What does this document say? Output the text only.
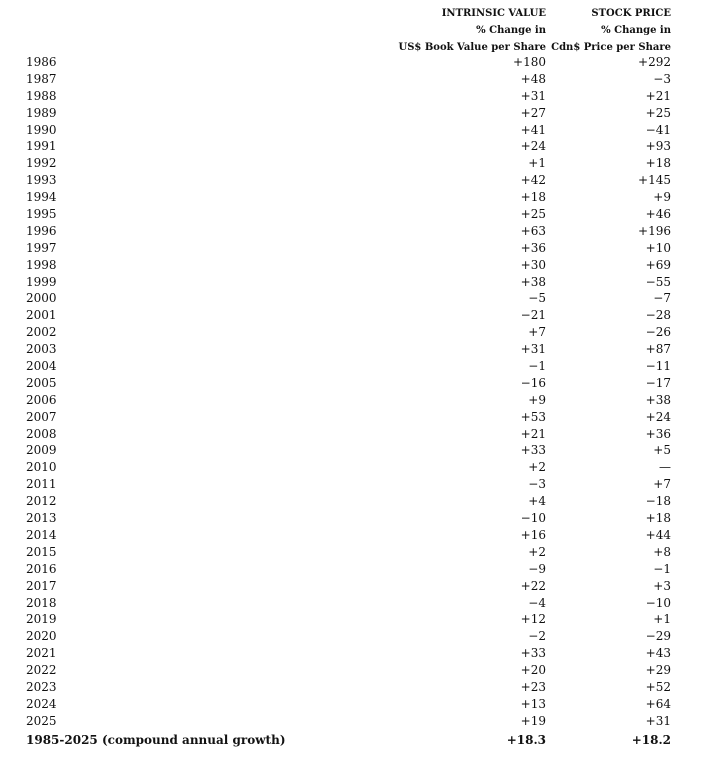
INTRINSIC VALUE
% Change in
US$ Book Value per Share
STOCK PRICE
% Change in
Cdn$ Price per Share
1986	+180	+292
1987	+48	−3
1988	+31	+21
1989	+27	+25
1990	+41	−41
1991	+24	+93
1992	+1	+18
1993	+42	+145
1994	+18	+9
1995	+25	+46
1996	+63	+196
1997	+36	+10
1998	+30	+69
1999	+38	−55
2000	−5	−7
2001	−21	−28
2002	+7	−26
2003	+31	+87
2004	−1	−11
2005	−16	−17
2006	+9	+38
2007	+53	+24
2008	+21	+36
2009	+33	+5
2010	+2	—
2011	−3	+7
2012	+4	−18
2013	−10	+18
2014	+16	+44
2015	+2	+8
2016	−9	−1
2017	+22	+3
2018	−4	−10
2019	+12	+1
2020	−2	−29
2021	+33	+43
2022	+20	+29
2023	+23	+52
2024	+13	+64
2025	+19	+31
1985-2025 (compound annual growth)	+18.3	+18.2
